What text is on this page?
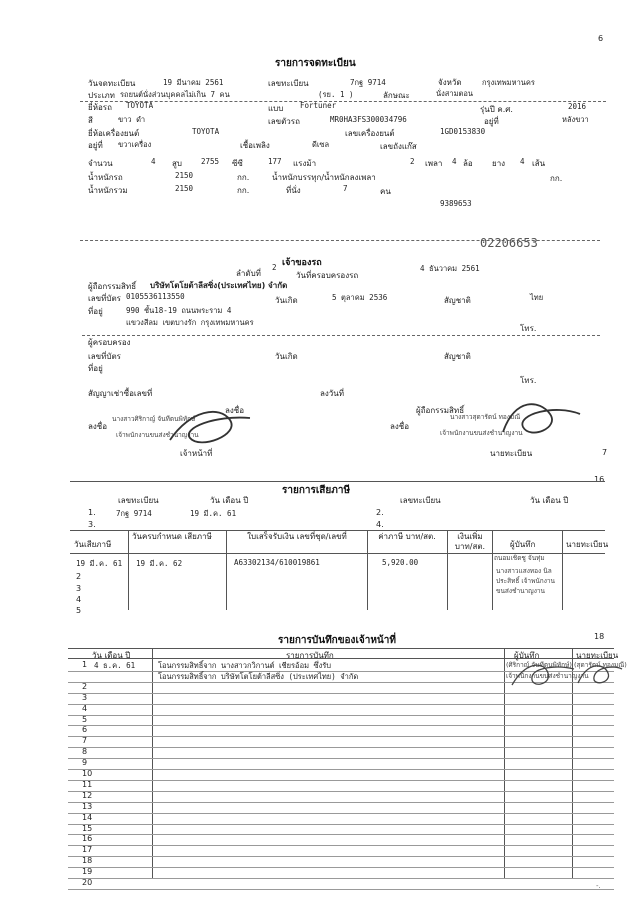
6
รายการจดทะเบียน
วันจดทะเบียน	19 มีนาคม 2561	เลขทะเบียน	7กฐ 9714	จังหวัด	กรุงเทพมหานคร
ประเภท รถยนต์นั่งส่วนบุคคลไม่เกิน 7 คน	(รย. 1 )	ลักษณะ	นั่งสามตอน
ยี่ห้อรถ TOYOTA	แบบ Fortuner	รุ่นปี ค.ศ.	2016
สี	ขาว ดำ	เลขตัวรถ	MR0HA3FS300034796	อยู่ที่	หลังขวา
ยี่ห้อเครื่องยนต์	TOYOTA	เลขเครื่องยนต์	1GD0153830
อยู่ที่ ขวาเครื่อง	เชื้อเพลิง	ดีเซล	เลขถังแก๊ส
จำนวน	4 สูบ	2755 ซีซี	177 แรงม้า	2 เพลา 4 ล้อ ยาง 4 เส้น
น้ำหนักรถ	2150	กก.	น้ำหนักบรรทุก/น้ำหนักลงเพลา	กก.
น้ำหนักรวม	2150	กก.	ที่นั่ง	7	คน
9389653
02206653
เจ้าของรถ
ลำดับที่
2
วันที่ครอบครองรถ
4 ธันวาคม 2561
ผู้ถือกรรมสิทธิ์ บริษัทโตโยต้าลีสซิ่ง(ประเทศไทย) จำกัด
เลขที่บัตร 0105536113550	วันเกิด	5 ตุลาคม 2536	สัญชาติ	ไทย
ที่อยู่	990 ชั้น18-19 ถนนพระราม 4
แขวงสีลม เขตบางรัก กรุงเทพมหานคร
โทร.
ผู้ครอบครอง
เลขที่บัตร	วันเกิด	สัญชาติ
ที่อยู่
โทร.
สัญญาเช่าซื้อเลขที่	ลงวันที่
ลงชื่อ	ผู้ถือกรรมสิทธิ์
ลงชื่อ	ลงชื่อ
นางสาวศิริกาญ์ จันทีตนพิทักษ์
เจ้าพนักงานขนส่งชำนาญงาน
นางสาวสุดารัตน์ ทองมณี
เจ้าพนักงานขนส่งชำนาญงาน
เจ้าหน้าที่	นายทะเบียน	7
16
รายการเสียภาษี
เลขทะเบียน	วัน เดือน ปี	เลขทะเบียน	วัน เดือน ปี
1.	7กฐ 9714	19 มี.ค. 61	2.
3.	4.
วันเสียภาษี
วันครบกำหนด เสียภาษี	ใบเสร็จรับเงิน เลขที่ชุด/เลขที่	ค่าภาษี บาท/สต.	เงินเพิ่ม บาท/สต.	ผู้บันทึก	นายทะเบียน
19 มี.ค. 61 19 มี.ค. 62	A63302134/610019861	5,920.00	ถนอมเชิดชู จันทุ่ม
นางสาวแสงทอง นิลประสิทธิ์ เจ้าพนักงานขนส่งชำนาญงาน
2
3
4
5
18
รายการบันทึกของเจ้าหน้าที่
วัน เดือน ปี	รายการบันทึก	ผู้บันทึก	นายทะเบียน
1 4 ธ.ค. 61	โอนกรรมสิทธิ์จาก นางสาวกวิกานต์ เชียรอ้อม ซึ่งรับ	(ศิริกาญ์ จันทีตนพิทักษ์) (สุดารัตน์ ทองมณี)
โอนกรรมสิทธิ์จาก บริษัทโตโยต้าลีสซิ่ง (ประเทศไทย) จำกัด	เจ้าพนักงานขนส่งชำนาญงาน
2
3
4
5
6
7
8
9
10
11
12
13
14
15
16
17
18
19
20	-.
